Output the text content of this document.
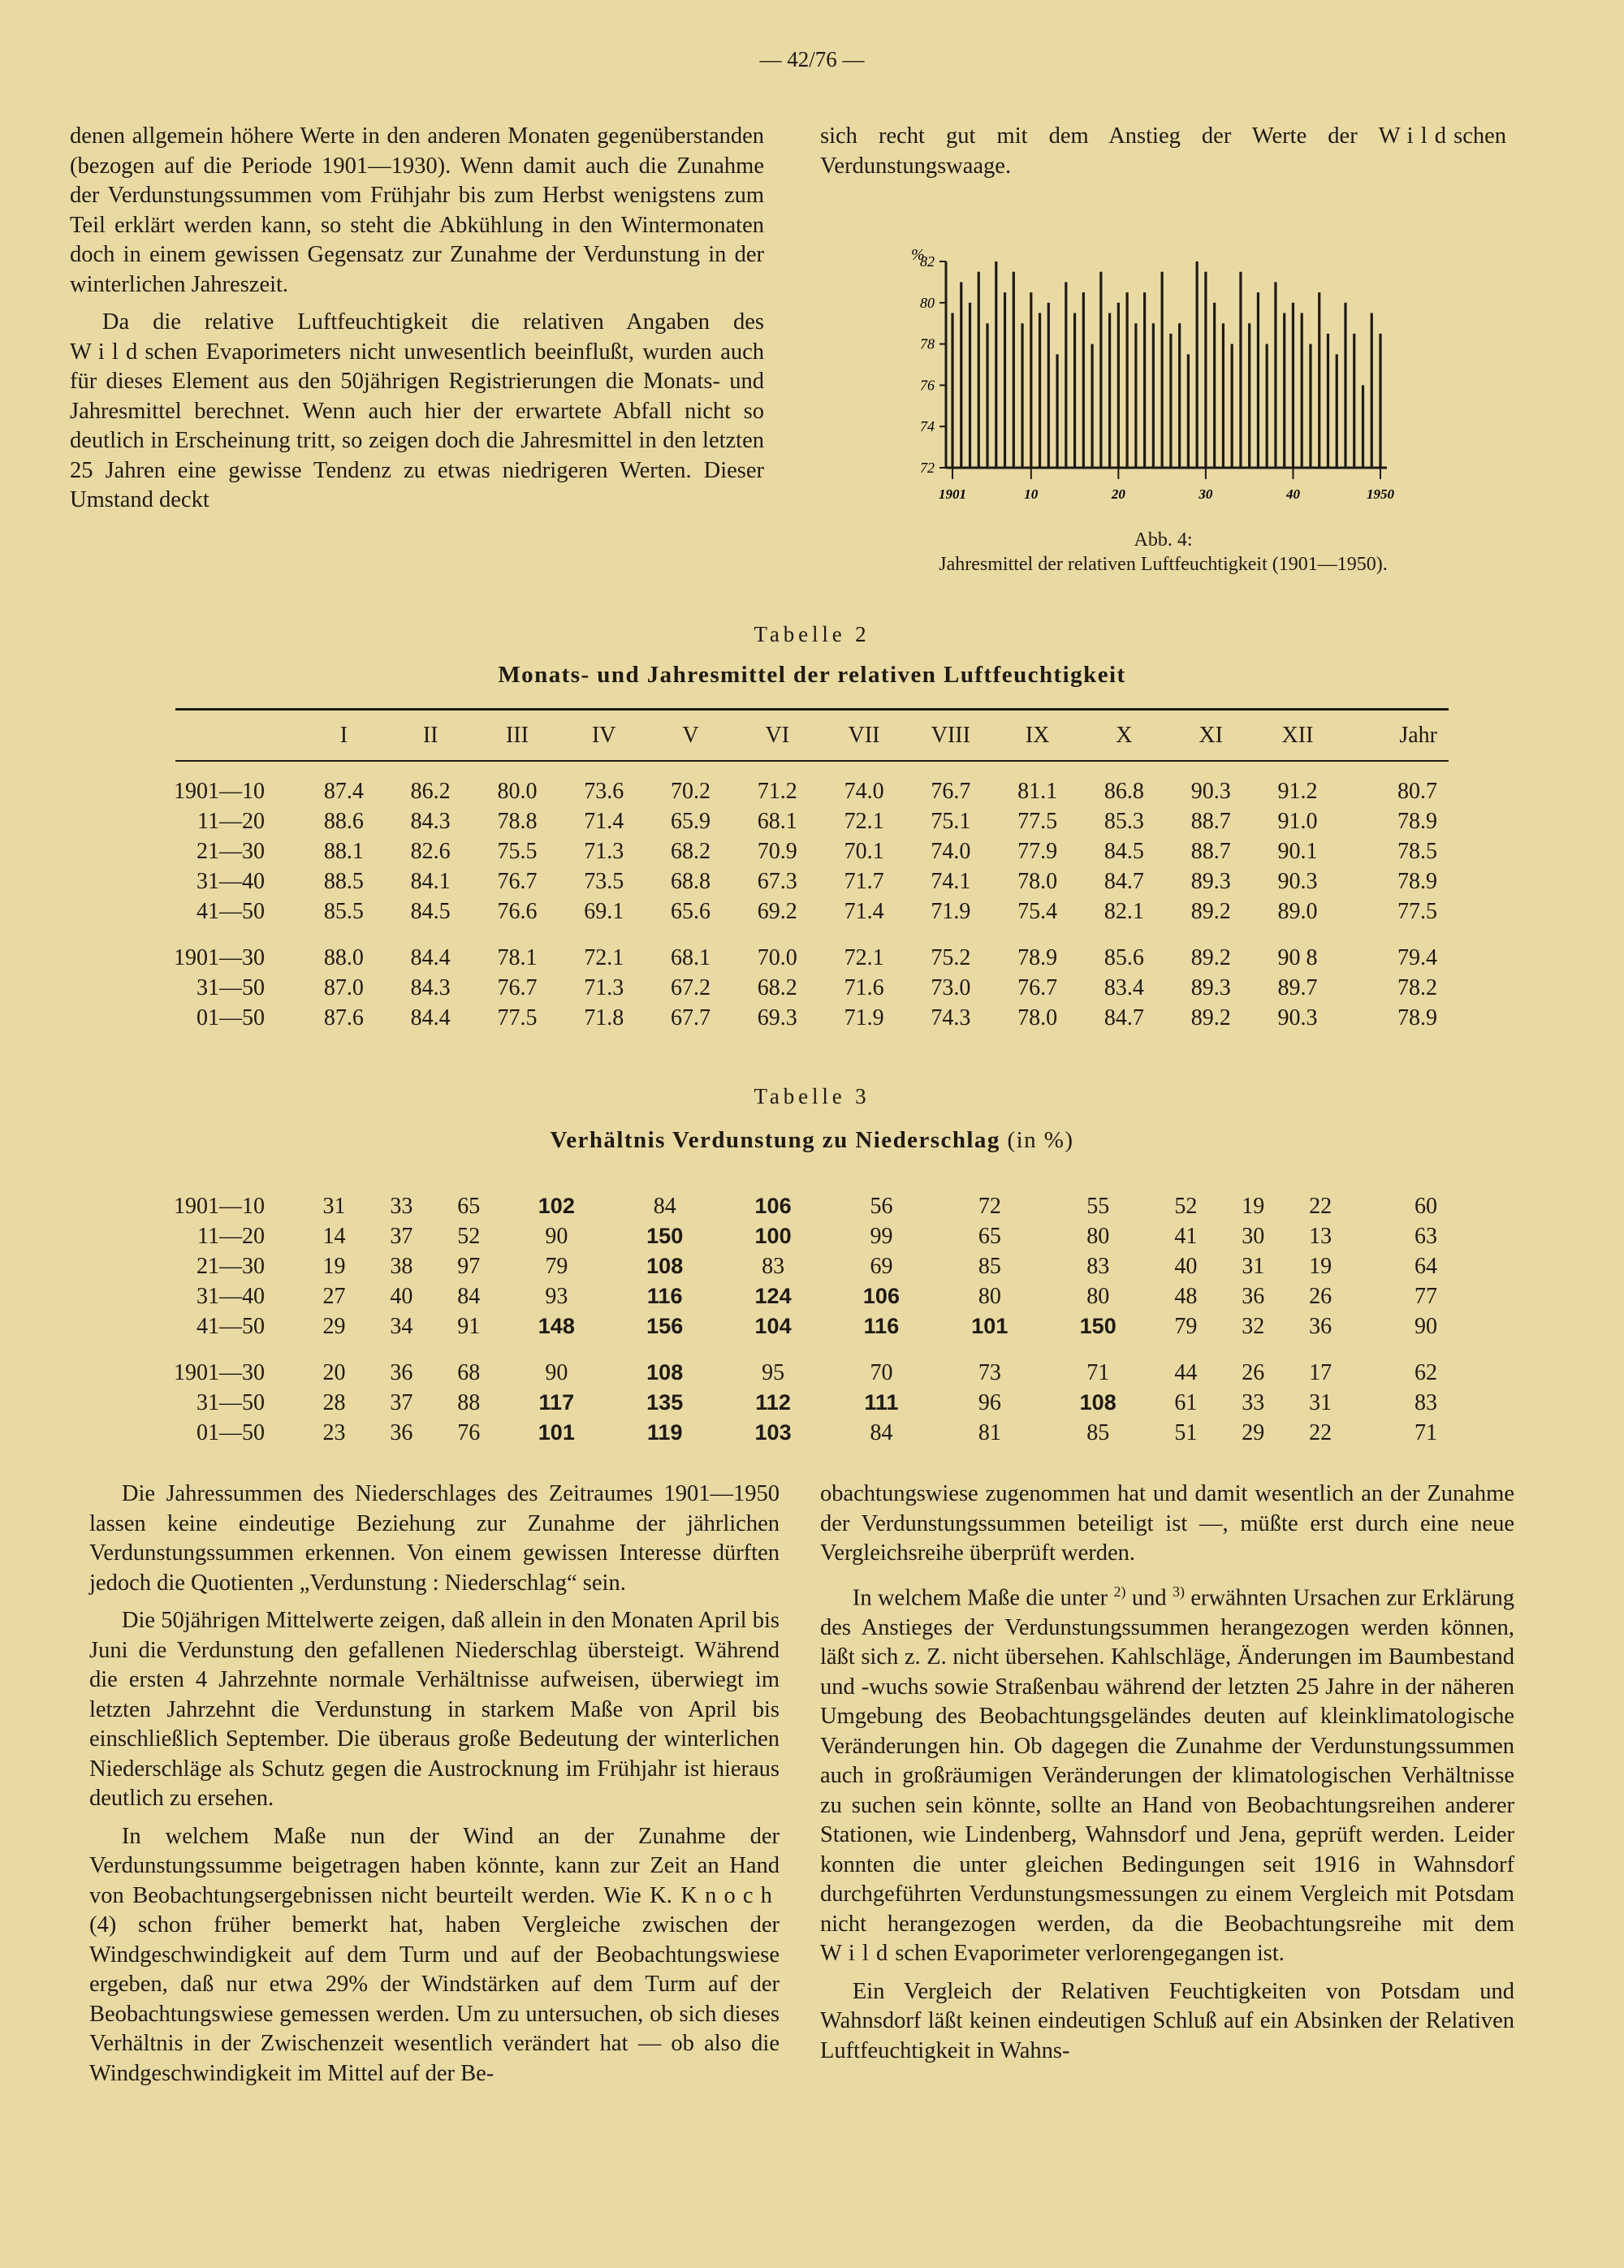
— 42/76 —

denen allgemein höhere Werte in den anderen Monaten gegenüberstanden (bezogen auf die Periode 1901—1930). Wenn damit auch die Zunahme der Verdunstungssummen vom Frühjahr bis zum Herbst wenigstens zum Teil erklärt werden kann, so steht die Abkühlung in den Wintermonaten doch in einem gewissen Gegensatz zur Zunahme der Verdunstung in der winterlichen Jahreszeit.

Da die relative Luftfeuchtigkeit die relativen Angaben des Wildschen Evaporimeters nicht unwesentlich beeinflußt, wurden auch für dieses Element aus den 50jährigen Registrierungen die Monats- und Jahresmittel berechnet. Wenn auch hier der erwartete Abfall nicht so deutlich in Erscheinung tritt, so zeigen doch die Jahresmittel in den letzten 25 Jahren eine gewisse Tendenz zu etwas niedrigeren Werten. Dieser Umstand deckt

sich recht gut mit dem Anstieg der Werte der Wildschen Verdunstungswaage.

%
72
74
76
78
80
82
1901	10	20	30	40	1950
Abb. 4:
Jahresmittel der relativen Luftfeuchtigkeit (1901—1950).
Tabelle 2
Monats- und Jahresmittel der relativen Luftfeuchtigkeit
	I	II	III	IV	V	VI	VII	VIII	IX	X	XI	XII	Jahr

1901—10	87.4	86.2	80.0	73.6	70.2	71.2	74.0	76.7	81.1	86.8	90.3	91.2	80.7
11—20	88.6	84.3	78.8	71.4	65.9	68.1	72.1	75.1	77.5	85.3	88.7	91.0	78.9
21—30	88.1	82.6	75.5	71.3	68.2	70.9	70.1	74.0	77.9	84.5	88.7	90.1	78.5
31—40	88.5	84.1	76.7	73.5	68.8	67.3	71.7	74.1	78.0	84.7	89.3	90.3	78.9
41—50	85.5	84.5	76.6	69.1	65.6	69.2	71.4	71.9	75.4	82.1	89.2	89.0	77.5

1901—30	88.0	84.4	78.1	72.1	68.1	70.0	72.1	75.2	78.9	85.6	89.2	90 8	79.4
31—50	87.0	84.3	76.7	71.3	67.2	68.2	71.6	73.0	76.7	83.4	89.3	89.7	78.2
01—50	87.6	84.4	77.5	71.8	67.7	69.3	71.9	74.3	78.0	84.7	89.2	90.3	78.9
Tabelle 3
Verhältnis Verdunstung zu Niederschlag (in %)

1901—10	31	33	65	102	84	106	56	72	55	52	19	22	60
11—20	14	37	52	90	150	100	99	65	80	41	30	13	63
21—30	19	38	97	79	108	83	69	85	83	40	31	19	64
31—40	27	40	84	93	116	124	106	80	80	48	36	26	77
41—50	29	34	91	148	156	104	116	101	150	79	32	36	90

1901—30	20	36	68	90	108	95	70	73	71	44	26	17	62
31—50	28	37	88	117	135	112	111	96	108	61	33	31	83
01—50	23	36	76	101	119	103	84	81	85	51	29	22	71

Die Jahressummen des Niederschlages des Zeitraumes 1901—1950 lassen keine eindeutige Beziehung zur Zunahme der jährlichen Verdunstungssummen erkennen. Von einem gewissen Interesse dürften jedoch die Quotienten „Verdunstung : Niederschlag“ sein.

Die 50jährigen Mittelwerte zeigen, daß allein in den Monaten April bis Juni die Verdunstung den gefallenen Niederschlag übersteigt. Während die ersten 4 Jahrzehnte normale Verhältnisse aufweisen, überwiegt im letzten Jahrzehnt die Verdunstung in starkem Maße von April bis einschließlich September. Die überaus große Bedeutung der winterlichen Niederschläge als Schutz gegen die Austrocknung im Frühjahr ist hieraus deutlich zu ersehen.

In welchem Maße nun der Wind an der Zunahme der Verdunstungssumme beigetragen haben könnte, kann zur Zeit an Hand von Beobachtungsergebnissen nicht beurteilt werden. Wie K. Knoch (4) schon früher bemerkt hat, haben Vergleiche zwischen der Windgeschwindigkeit auf dem Turm und auf der Beobachtungswiese ergeben, daß nur etwa 29% der Windstärken auf dem Turm auf der Beobachtungswiese gemessen werden. Um zu untersuchen, ob sich dieses Verhältnis in der Zwischenzeit wesentlich verändert hat — ob also die Windgeschwindigkeit im Mittel auf der Be-

obachtungswiese zugenommen hat und damit wesentlich an der Zunahme der Verdunstungssummen beteiligt ist —, müßte erst durch eine neue Vergleichsreihe überprüft werden.

In welchem Maße die unter $^{2)}$ und $^{3)}$ erwähnten Ursachen zur Erklärung des Anstieges der Verdunstungssummen herangezogen werden können, läßt sich z. Z. nicht übersehen. Kahlschläge, Änderungen im Baumbestand und -wuchs sowie Straßenbau während der letzten 25 Jahre in der näheren Umgebung des Beobachtungsgeländes deuten auf kleinklimatologische Veränderungen hin. Ob dagegen die Zunahme der Verdunstungssummen auch in großräumigen Veränderungen der klimatologischen Verhältnisse zu suchen sein könnte, sollte an Hand von Beobachtungsreihen anderer Stationen, wie Lindenberg, Wahnsdorf und Jena, geprüft werden. Leider konnten die unter gleichen Bedingungen seit 1916 in Wahnsdorf durchgeführten Verdunstungsmessungen zu einem Vergleich mit Potsdam nicht herangezogen werden, da die Beobachtungsreihe mit dem Wildschen Evaporimeter verlorengegangen ist.

Ein Vergleich der Relativen Feuchtigkeiten von Potsdam und Wahnsdorf läßt keinen eindeutigen Schluß auf ein Absinken der Relativen Luftfeuchtigkeit in Wahns-
